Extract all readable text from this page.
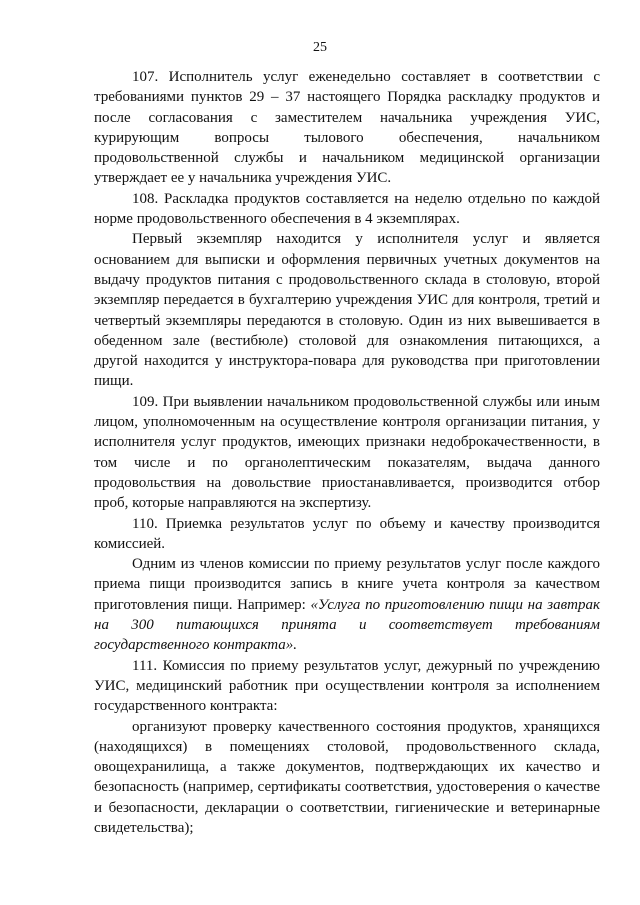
25

107. Исполнитель услуг еженедельно составляет в соответствии с требованиями пунктов 29 – 37 настоящего Порядка раскладку продуктов и после согласования с заместителем начальника учреждения УИС, курирующим вопросы тылового обеспечения, начальником продовольственной службы и начальником медицинской организации утверждает ее у начальника учреждения УИС.

108. Раскладка продуктов составляется на неделю отдельно по каждой норме продовольственного обеспечения в 4 экземплярах.

Первый экземпляр находится у исполнителя услуг и является основанием для выписки и оформления первичных учетных документов на выдачу продуктов питания с продовольственного склада в столовую, второй экземпляр передается в бухгалтерию учреждения УИС для контроля, третий и четвертый экземпляры передаются в столовую. Один из них вывешивается в обеденном зале (вестибюле) столовой для ознакомления питающихся, а другой находится у инструктора-повара для руководства при приготовлении пищи.

109. При выявлении начальником продовольственной службы или иным лицом, уполномоченным на осуществление контроля организации питания, у исполнителя услуг продуктов, имеющих признаки недоброкачественности, в том числе и по органолептическим показателям, выдача данного продовольствия на довольствие приостанавливается, производится отбор проб, которые направляются на экспертизу.

110. Приемка результатов услуг по объему и качеству производится комиссией.

Одним из членов комиссии по приему результатов услуг после каждого приема пищи производится запись в книге учета контроля за качеством приготовления пищи. Например: «Услуга по приготовлению пищи на завтрак на 300 питающихся принята и соответствует требованиям государственного контракта».

111. Комиссия по приему результатов услуг, дежурный по учреждению УИС, медицинский работник при осуществлении контроля за исполнением государственного контракта:

организуют проверку качественного состояния продуктов, хранящихся (находящихся) в помещениях столовой, продовольственного склада, овощехранилища, а также документов, подтверждающих их качество и безопасность (например, сертификаты соответствия, удостоверения о качестве и безопасности, декларации о соответствии, гигиенические и ветеринарные свидетельства);
